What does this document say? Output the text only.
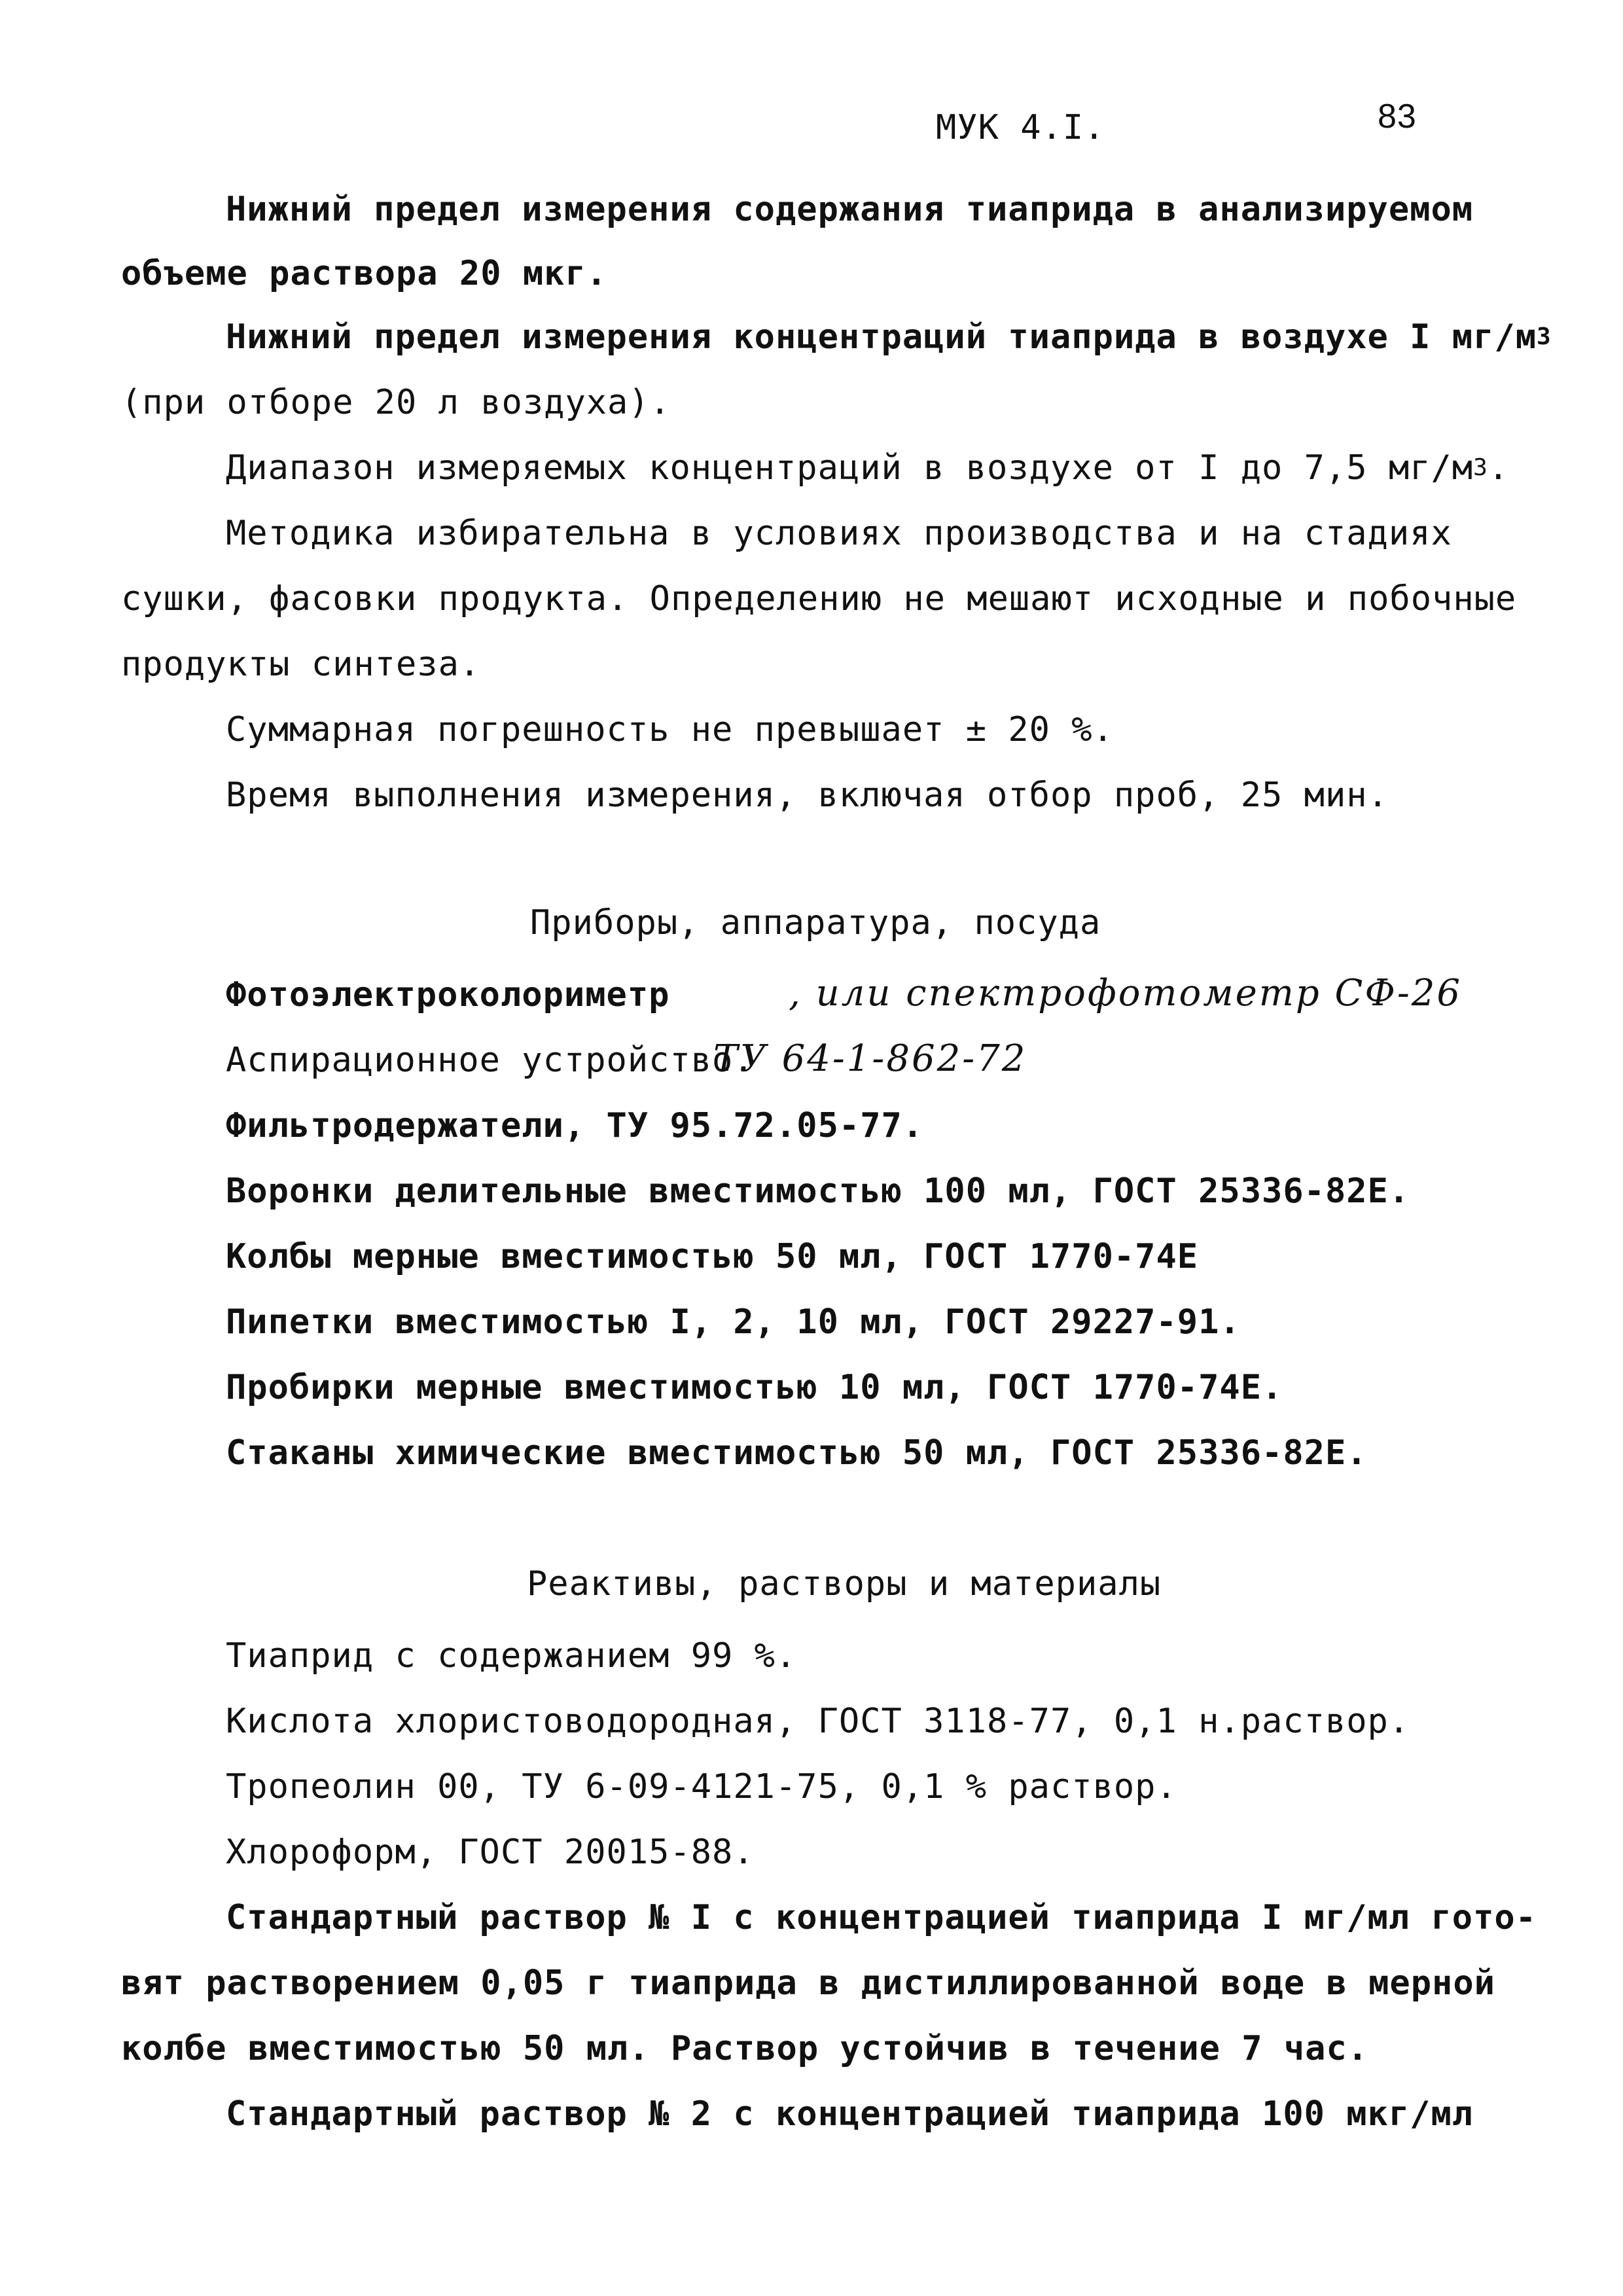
МУК 4.I.	83
Нижний предел измерения содержания тиаприда в анализируемом
объеме раствора 20 мкг.
Нижний предел измерения концентраций тиаприда в воздухе I $мг/м^3$
(при отборе 20 л воздуха).
Диапазон измеряемых концентраций в воздухе от I до 7,5 $мг/м^3$.
Методика избирательна в условиях производства и на стадиях
сушки, фасовки продукта. Определению не мешают исходные и побочные
продукты синтеза.
Суммарная погрешность не превышает ± 20 %.
Время выполнения измерения, включая отбор проб, 25 мин.
Приборы, аппаратура, посуда
Фотоэлектроколориметр	, или спектрофотометр СФ-26
Аспирационное устройство.
ТУ 64-1-862-72
Фильтродержатели, ТУ 95.72.05-77.
Воронки делительные вместимостью 100 мл, ГОСТ 25336-82Е.
Колбы мерные вместимостью 50 мл, ГОСТ 1770-74Е
Пипетки вместимостью I, 2, 10 мл, ГОСТ 29227-91.
Пробирки мерные вместимостью 10 мл, ГОСТ 1770-74Е.
Стаканы химические вместимостью 50 мл, ГОСТ 25336-82Е.
Реактивы, растворы и материалы
Тиаприд с содержанием 99 %.
Кислота хлористоводородная, ГОСТ 3118-77, 0,1 н.раствор.
Тропеолин 00, ТУ 6-09-4121-75, 0,1 % раствор.
Хлороформ, ГОСТ 20015-88.
Стандартный раствор № I с концентрацией тиаприда I мг/мл гото-
вят растворением 0,05 г тиаприда в дистиллированной воде в мерной
колбе вместимостью 50 мл. Раствор устойчив в течение 7 час.
Стандартный раствор № 2 с концентрацией тиаприда 100 мкг/мл
